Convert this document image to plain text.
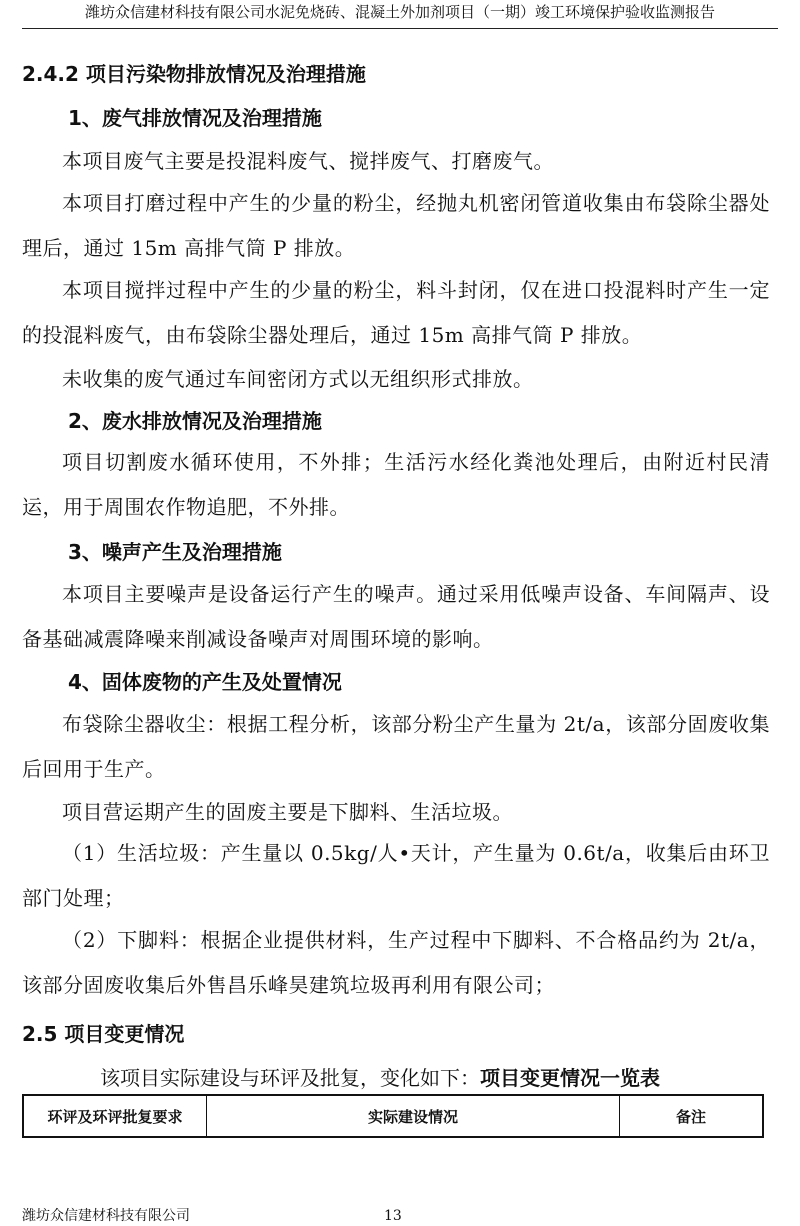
潍坊众信建材科技有限公司水泥免烧砖、混凝土外加剂项目（一期）竣工环境保护验收监测报告
2.4.2 项目污染物排放情况及治理措施
1、废气排放情况及治理措施
本项目废气主要是投混料废气、搅拌废气、打磨废气。
本项目打磨过程中产生的少量的粉尘，经抛丸机密闭管道收集由布袋除尘器处理后，通过 15m 高排气筒 P 排放。
本项目搅拌过程中产生的少量的粉尘，料斗封闭，仅在进口投混料时产生一定的投混料废气，由布袋除尘器处理后，通过 15m 高排气筒 P 排放。
未收集的废气通过车间密闭方式以无组织形式排放。
2、废水排放情况及治理措施
项目切割废水循环使用，不外排；生活污水经化粪池处理后，由附近村民清运，用于周围农作物追肥，不外排。
3、噪声产生及治理措施
本项目主要噪声是设备运行产生的噪声。通过采用低噪声设备、车间隔声、设备基础减震降噪来削减设备噪声对周围环境的影响。
4、固体废物的产生及处置情况
布袋除尘器收尘：根据工程分析，该部分粉尘产生量为 2t/a，该部分固废收集后回用于生产。
项目营运期产生的固废主要是下脚料、生活垃圾。
（1）生活垃圾：产生量以 0.5kg/人•天计，产生量为 0.6t/a，收集后由环卫部门处理；
（2）下脚料：根据企业提供材料，生产过程中下脚料、不合格品约为 2t/a，该部分固废收集后外售昌乐峰昊建筑垃圾再利用有限公司；
2.5 项目变更情况
该项目实际建设与环评及批复，变化如下：项目变更情况一览表
环评及环评批复要求	实际建设情况	备注
潍坊众信建材科技有限公司	13
